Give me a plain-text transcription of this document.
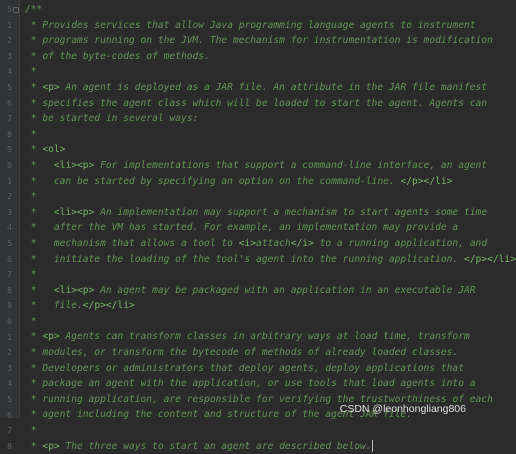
5
1
2
3
4
5
6
7
8
9
0
1
2
3
4
5
6
7
8
9
0
1
2
3
4
5
6
7
8
/**
* Provides services that allow Java programming language agents to instrument
* programs running on the JVM. The mechanism for instrumentation is modification
* of the byte-codes of methods.
*
* <p> An agent is deployed as a JAR file. An attribute in the JAR file manifest
* specifies the agent class which will be loaded to start the agent. Agents can
* be started in several ways:
*
* <ol>
*   <li><p> For implementations that support a command-line interface, an agent
*   can be started by specifying an option on the command-line. </p></li>
*
*   <li><p> An implementation may support a mechanism to start agents some time
*   after the VM has started. For example, an implementation may provide a
*   mechanism that allows a tool to <i>attach</i> to a running application, and
*   initiate the loading of the tool's agent into the running application. </p></li>
*
*   <li><p> An agent may be packaged with an application in an executable JAR
*   file.</p></li>
*
* <p> Agents can transform classes in arbitrary ways at load time, transform
* modules, or transform the bytecode of methods of already loaded classes.
* Developers or administrators that deploy agents, deploy applications that
* package an agent with the application, or use tools that load agents into a
* running application, are responsible for verifying the trustworthiness of each
* agent including the content and structure of the agent JAR file.
*
* <p> The three ways to start an agent are described below.
CSDN @leonhongliang806
